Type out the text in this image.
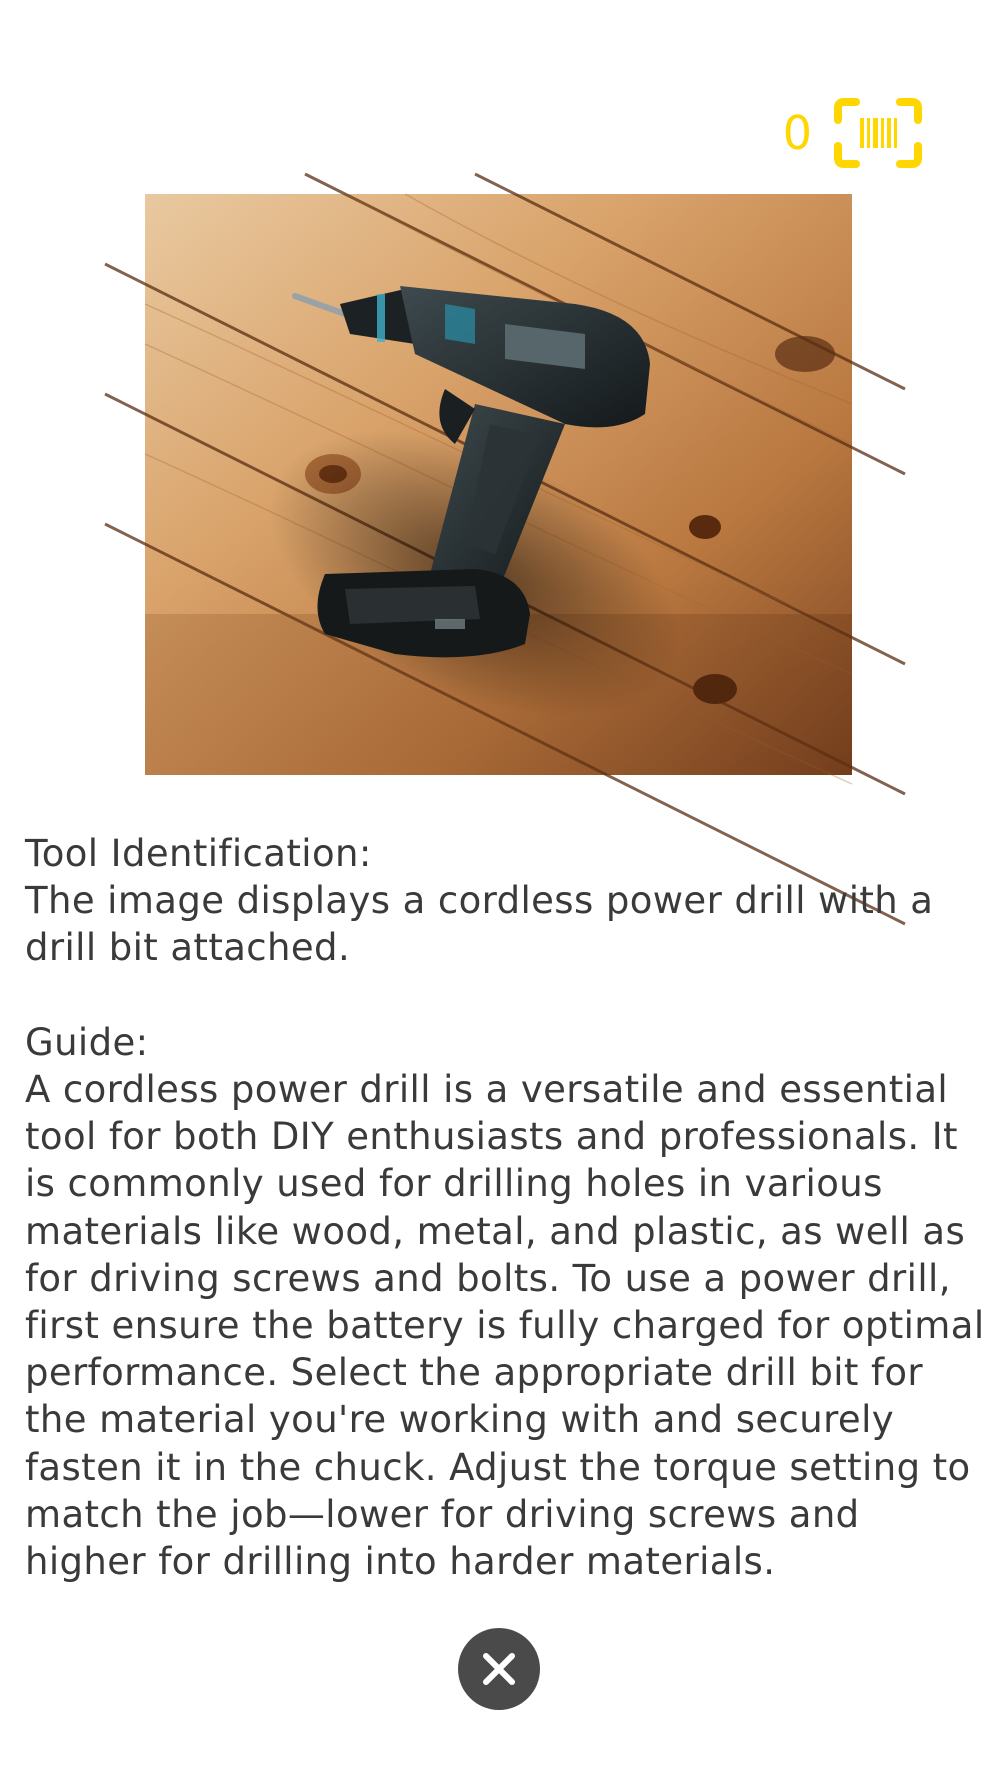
0

Tool Identification:

The image displays a cordless power drill with a drill bit attached.

Guide:

A cordless power drill is a versatile and essential tool for both DIY enthusiasts and professionals. It is commonly used for drilling holes in various materials like wood, metal, and plastic, as well as for driving screws and bolts. To use a power drill, first ensure the battery is fully charged for optimal performance. Select the appropriate drill bit for the material you're working with and securely fasten it in the chuck. Adjust the torque setting to match the job—lower for driving screws and higher for drilling into harder materials.
